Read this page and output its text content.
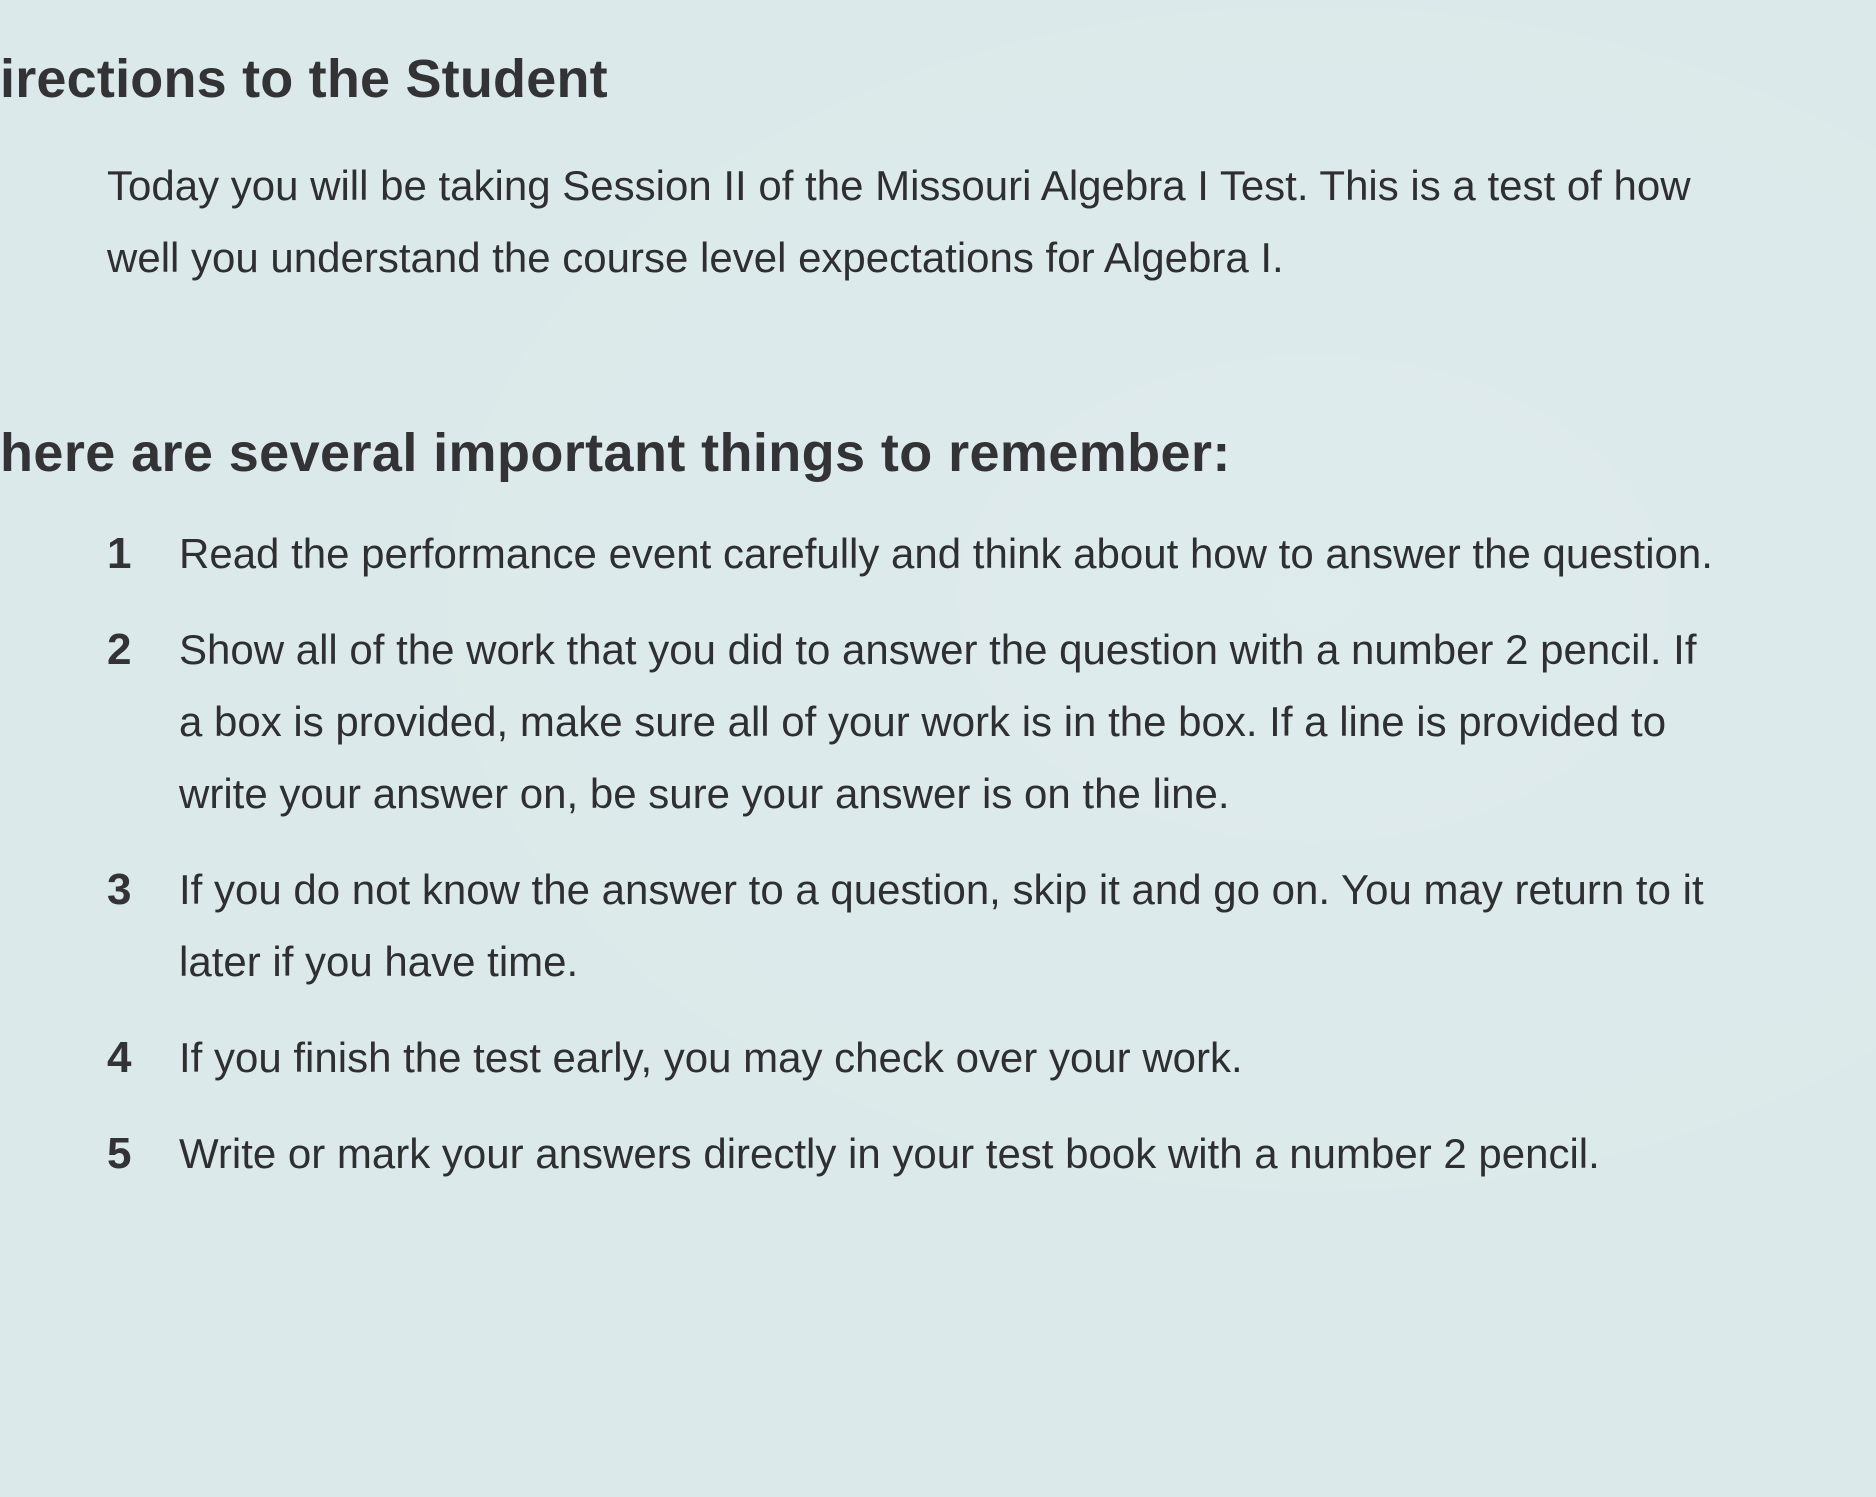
irections to the Student

Today you will be taking Session II of the Missouri Algebra I Test. This is a test of how well you understand the course level expectations for Algebra I.

here are several important things to remember:
1	Read the performance event carefully and think about how to answer the question.
2	Show all of the work that you did to answer the question with a number 2 pencil. If a box is provided, make sure all of your work is in the box. If a line is provided to write your answer on, be sure your answer is on the line.
3	If you do not know the answer to a question, skip it and go on. You may return to it later if you have time.
4	If you finish the test early, you may check over your work.
5	Write or mark your answers directly in your test book with a number 2 pencil.
